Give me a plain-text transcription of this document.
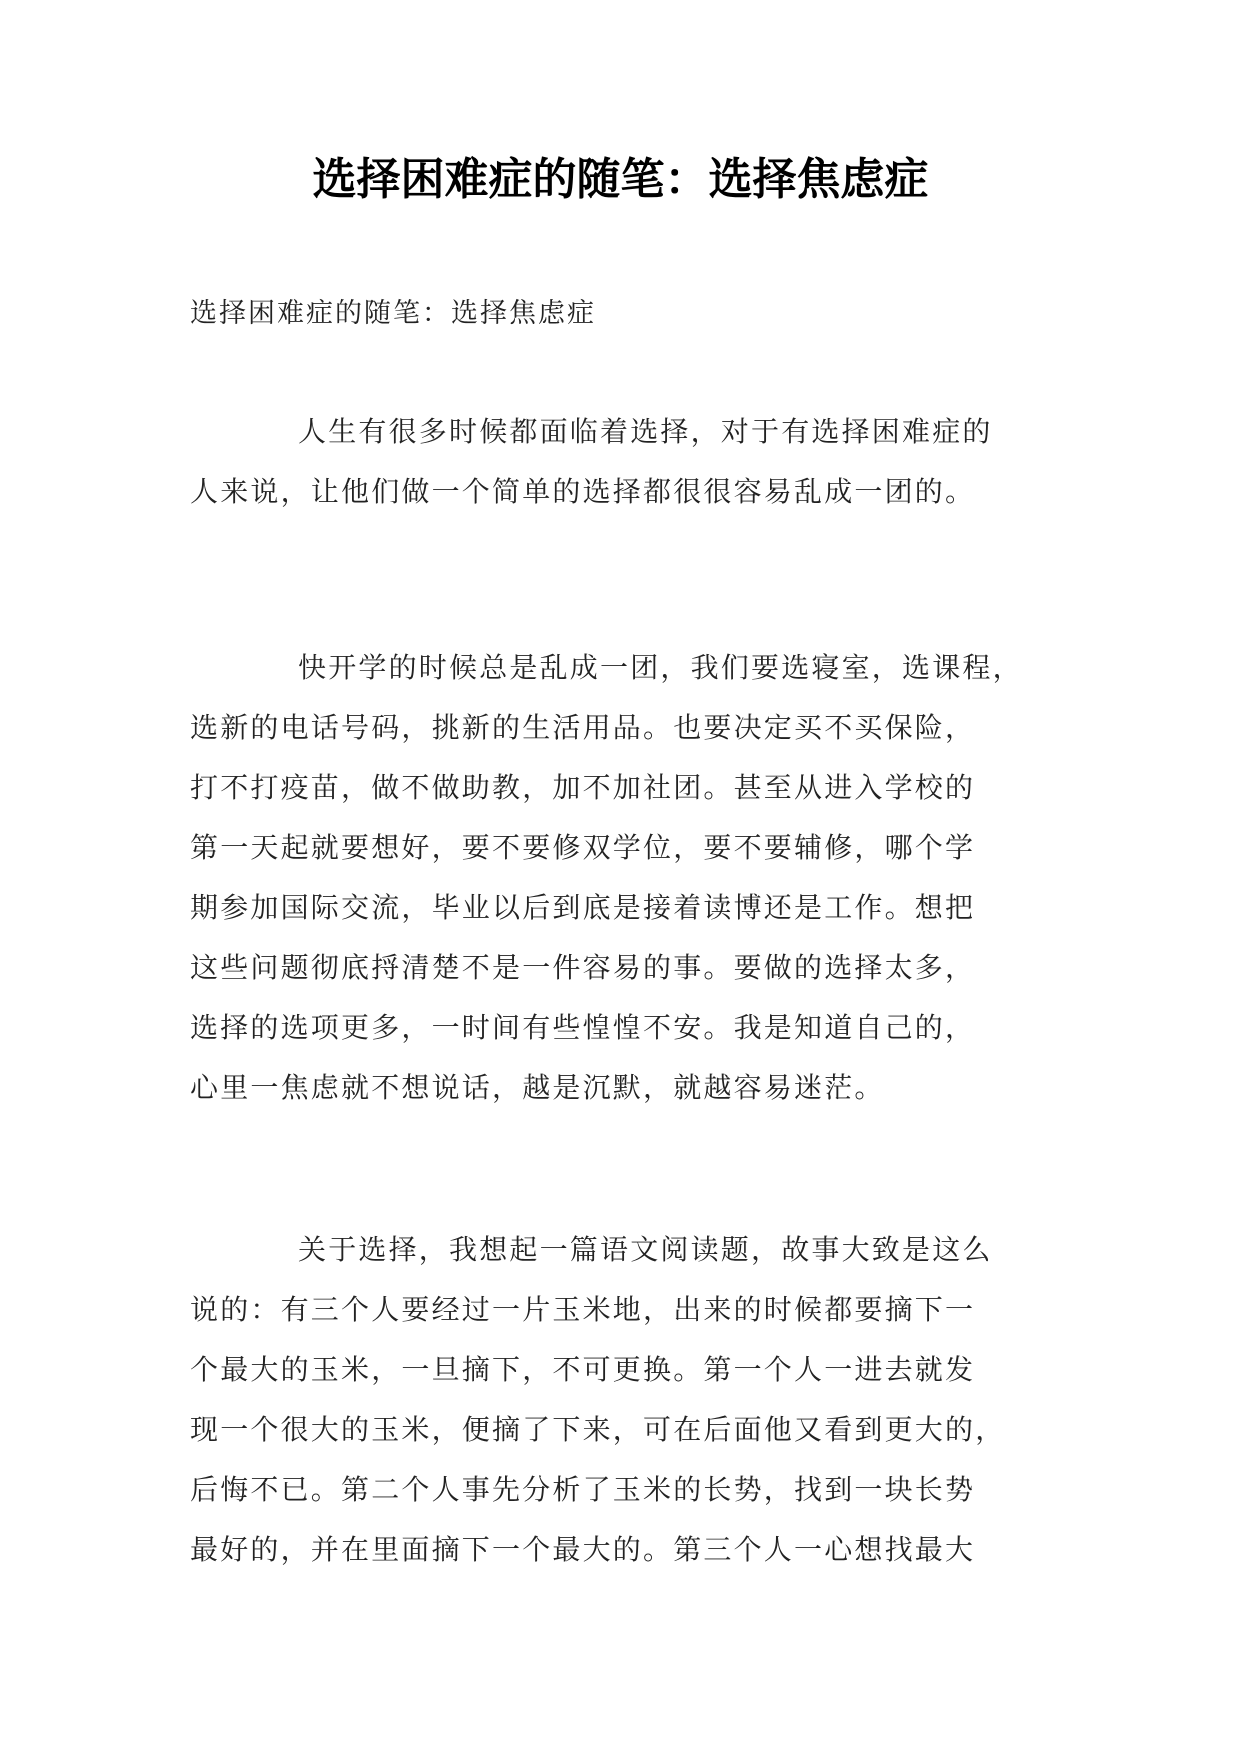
选择困难症的随笔：选择焦虑症

选择困难症的随笔：选择焦虑症

人生有很多时候都面临着选择，对于有选择困难症的
人来说，让他们做一个简单的选择都很很容易乱成一团的。
快开学的时候总是乱成一团，我们要选寝室，选课程，
选新的电话号码，挑新的生活用品。也要决定买不买保险，
打不打疫苗，做不做助教，加不加社团。甚至从进入学校的
第一天起就要想好，要不要修双学位，要不要辅修，哪个学
期参加国际交流，毕业以后到底是接着读博还是工作。想把
这些问题彻底捋清楚不是一件容易的事。要做的选择太多，
选择的选项更多，一时间有些惶惶不安。我是知道自己的，
心里一焦虑就不想说话，越是沉默，就越容易迷茫。
关于选择，我想起一篇语文阅读题，故事大致是这么
说的：有三个人要经过一片玉米地，出来的时候都要摘下一
个最大的玉米，一旦摘下，不可更换。第一个人一进去就发
现一个很大的玉米，便摘了下来，可在后面他又看到更大的，
后悔不已。第二个人事先分析了玉米的长势，找到一块长势
最好的，并在里面摘下一个最大的。第三个人一心想找最大
